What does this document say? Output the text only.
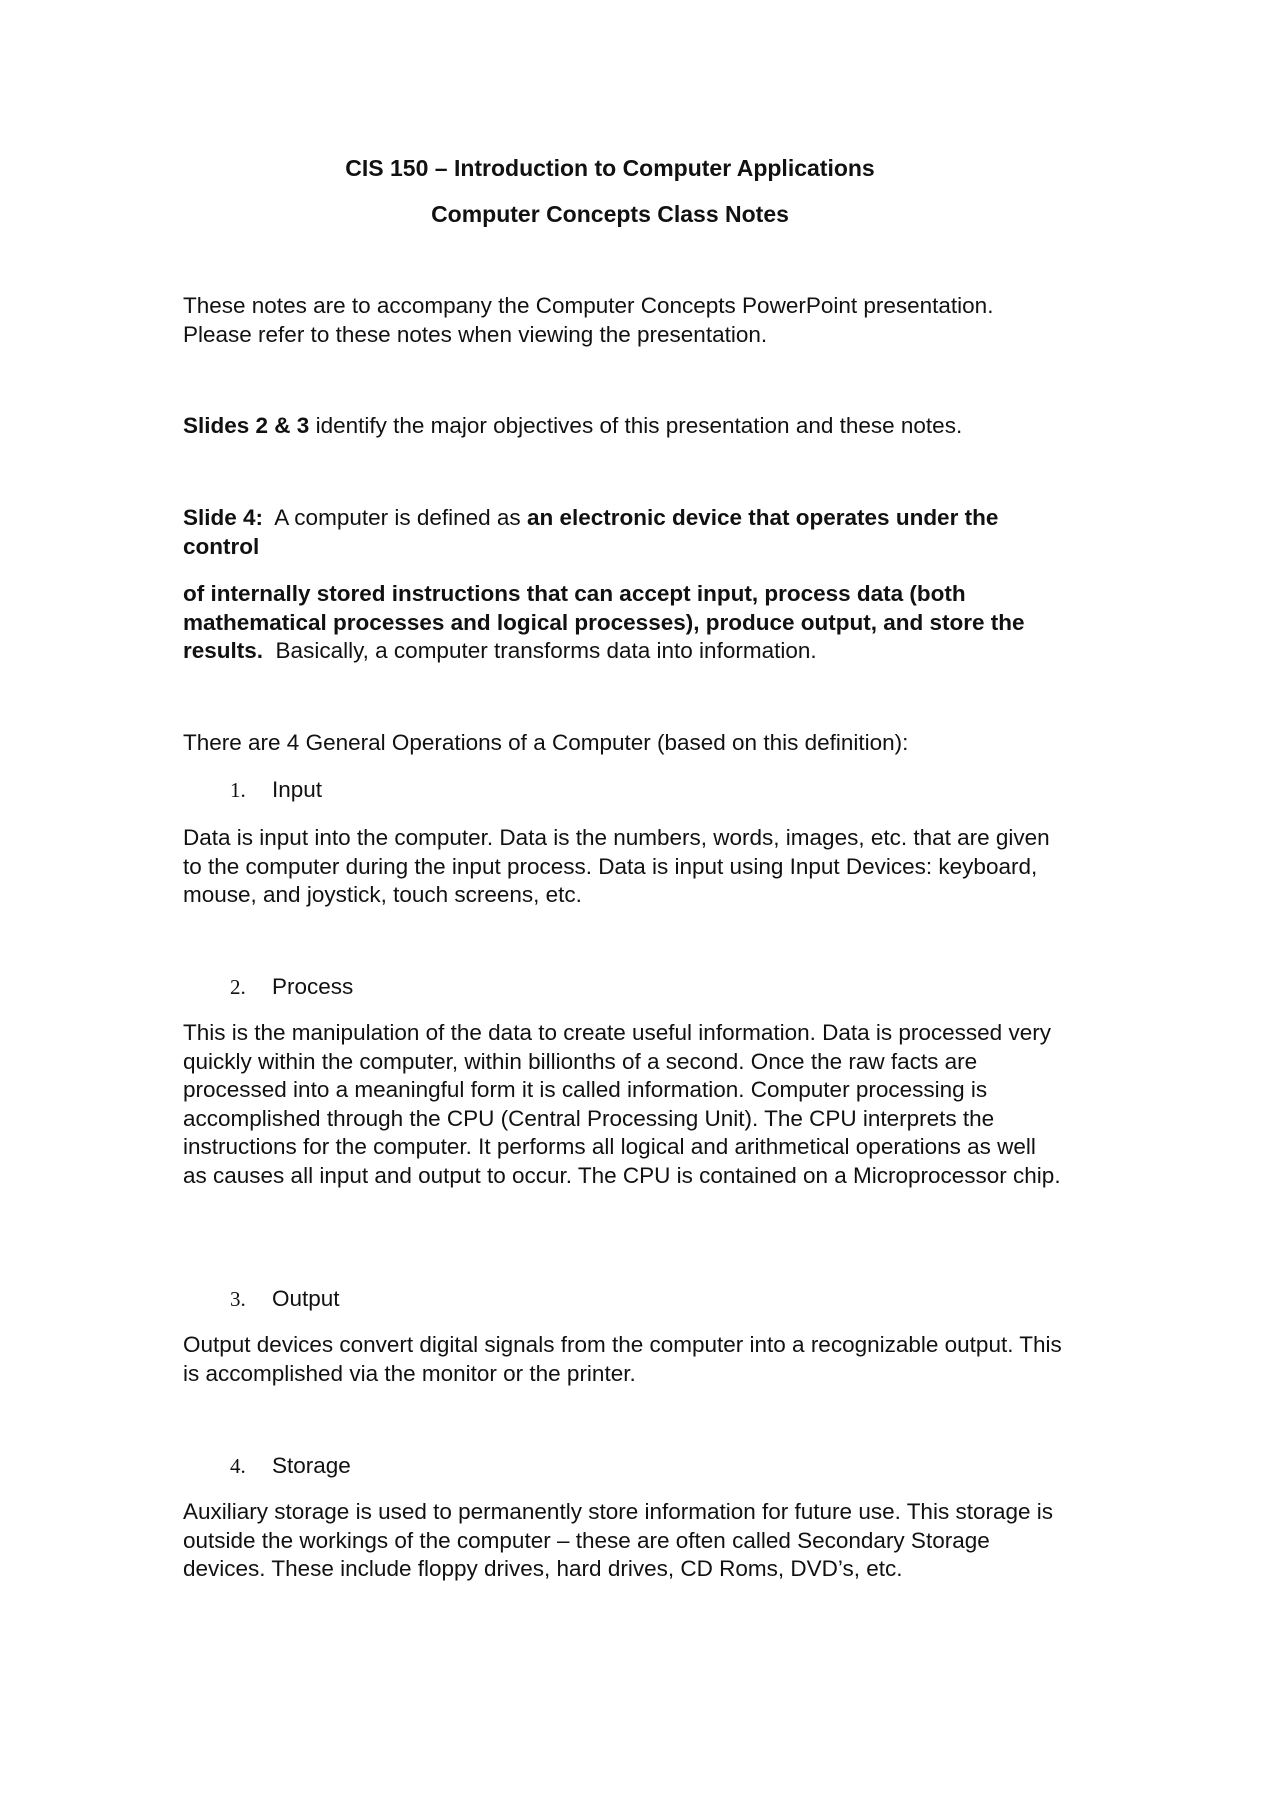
CIS 150 – Introduction to Computer Applications

Computer Concepts Class Notes

These notes are to accompany the Computer Concepts PowerPoint presentation. Please refer to these notes when viewing the presentation.

Slides 2 & 3 identify the major objectives of this presentation and these notes.

Slide 4:  A computer is defined as an electronic device that operates under the control

of internally stored instructions that can accept input, process data (both mathematical processes and logical processes), produce output, and store the results.  Basically, a computer transforms data into information.

There are 4 General Operations of a Computer (based on this definition):

1. Input

Data is input into the computer. Data is the numbers, words, images, etc. that are given to the computer during the input process. Data is input using Input Devices: keyboard, mouse, and joystick, touch screens, etc.

2. Process

This is the manipulation of the data to create useful information. Data is processed very quickly within the computer, within billionths of a second. Once the raw facts are processed into a meaningful form it is called information. Computer processing is accomplished through the CPU (Central Processing Unit). The CPU interprets the instructions for the computer. It performs all logical and arithmetical operations as well as causes all input and output to occur. The CPU is contained on a Microprocessor chip.

3. Output

Output devices convert digital signals from the computer into a recognizable output. This is accomplished via the monitor or the printer.

4. Storage

Auxiliary storage is used to permanently store information for future use. This storage is outside the workings of the computer – these are often called Secondary Storage devices. These include floppy drives, hard drives, CD Roms, DVD’s, etc.
